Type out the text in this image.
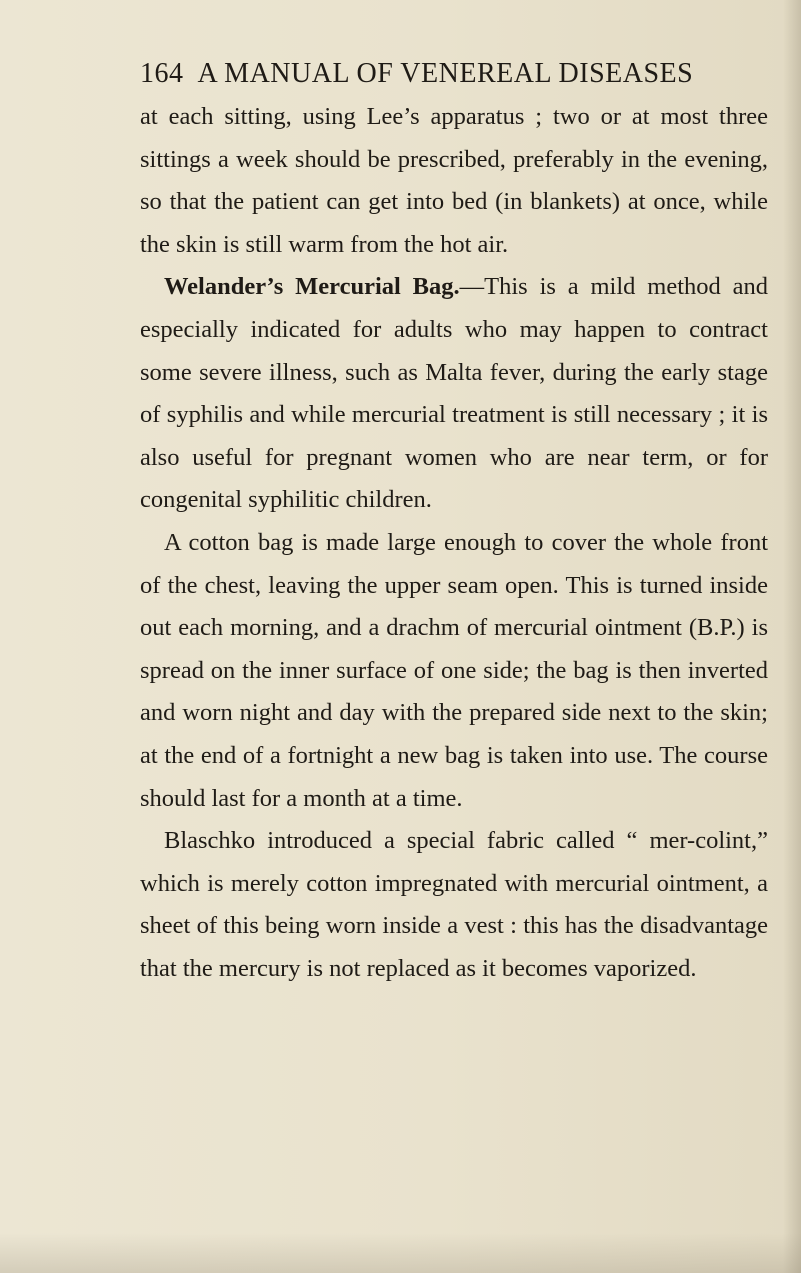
164 A MANUAL OF VENEREAL DISEASES

at each sitting, using Lee’s apparatus ; two or at most three sittings a week should be prescribed, preferably in the evening, so that the patient can get into bed (in blankets) at once, while the skin is still warm from the hot air.

Welander’s Mercurial Bag.—This is a mild method and especially indicated for adults who may happen to contract some severe illness, such as Malta fever, during the early stage of syphilis and while mercurial treatment is still necessary ; it is also useful for pregnant women who are near term, or for congenital syphilitic children.

A cotton bag is made large enough to cover the whole front of the chest, leaving the upper seam open. This is turned inside out each morning, and a drachm of mercurial ointment (B.P.) is spread on the inner surface of one side; the bag is then inverted and worn night and day with the prepared side next to the skin; at the end of a fortnight a new bag is taken into use. The course should last for a month at a time.

Blaschko introduced a special fabric called “ mer-colint,” which is merely cotton impregnated with mercurial ointment, a sheet of this being worn inside a vest : this has the disadvantage that the mercury is not replaced as it becomes vaporized.
